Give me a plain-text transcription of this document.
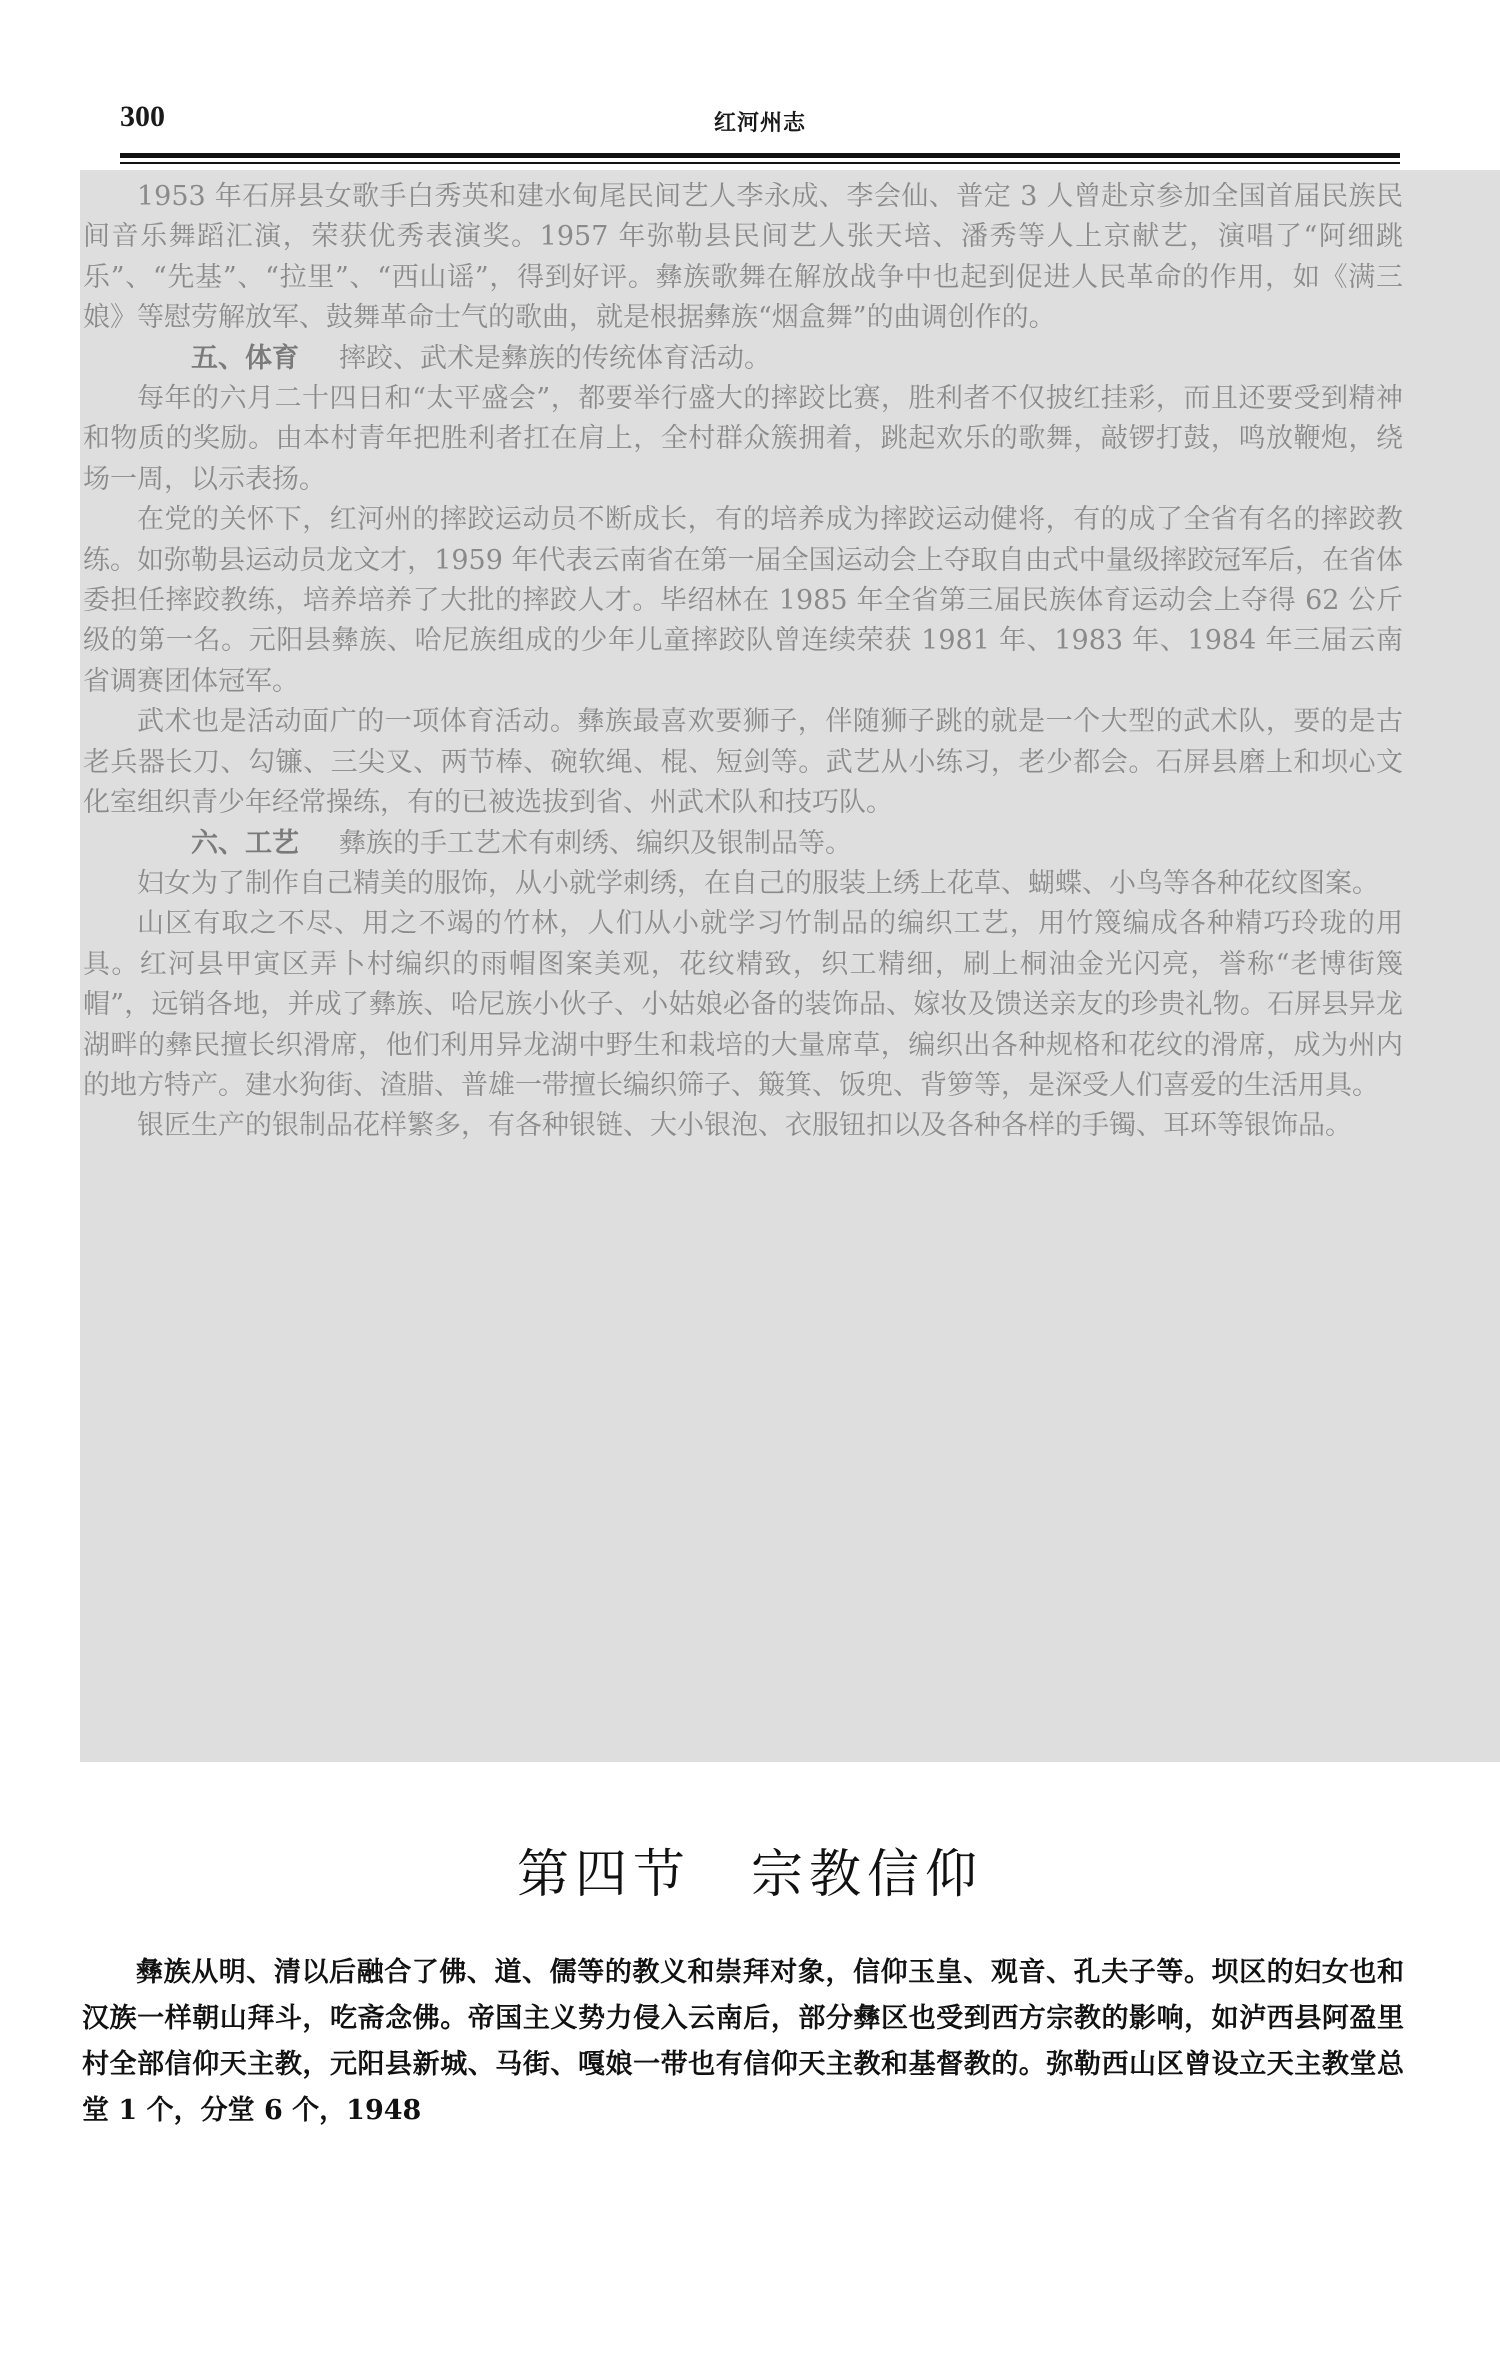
300	红河州志

1953 年石屏县女歌手白秀英和建水甸尾民间艺人李永成、李会仙、普定 3 人曾赴京参加全国首届民族民间音乐舞蹈汇演，荣获优秀表演奖。1957 年弥勒县民间艺人张天培、潘秀等人上京献艺，演唱了“阿细跳乐”、“先基”、“拉里”、“西山谣”，得到好评。彝族歌舞在解放战争中也起到促进人民革命的作用，如《满三娘》等慰劳解放军、鼓舞革命士气的歌曲，就是根据彝族“烟盒舞”的曲调创作的。

五、体育 摔跤、武术是彝族的传统体育活动。

每年的六月二十四日和“太平盛会”，都要举行盛大的摔跤比赛，胜利者不仅披红挂彩，而且还要受到精神和物质的奖励。由本村青年把胜利者扛在肩上，全村群众簇拥着，跳起欢乐的歌舞，敲锣打鼓，鸣放鞭炮，绕场一周，以示表扬。

在党的关怀下，红河州的摔跤运动员不断成长，有的培养成为摔跤运动健将，有的成了全省有名的摔跤教练。如弥勒县运动员龙文才，1959 年代表云南省在第一届全国运动会上夺取自由式中量级摔跤冠军后，在省体委担任摔跤教练，培养培养了大批的摔跤人才。毕绍林在 1985 年全省第三届民族体育运动会上夺得 62 公斤级的第一名。元阳县彝族、哈尼族组成的少年儿童摔跤队曾连续荣获 1981 年、1983 年、1984 年三届云南省调赛团体冠军。

武术也是活动面广的一项体育活动。彝族最喜欢要狮子，伴随狮子跳的就是一个大型的武术队，要的是古老兵器长刀、勾镰、三尖叉、两节棒、碗软绳、棍、短剑等。武艺从小练习，老少都会。石屏县磨上和坝心文化室组织青少年经常操练，有的已被选拔到省、州武术队和技巧队。

六、工艺 彝族的手工艺术有刺绣、编织及银制品等。

妇女为了制作自己精美的服饰，从小就学刺绣，在自己的服装上绣上花草、蝴蝶、小鸟等各种花纹图案。

山区有取之不尽、用之不竭的竹林，人们从小就学习竹制品的编织工艺，用竹篾编成各种精巧玲珑的用具。红河县甲寅区弄卜村编织的雨帽图案美观，花纹精致，织工精细，刷上桐油金光闪亮，誉称“老博街篾帽”，远销各地，并成了彝族、哈尼族小伙子、小姑娘必备的装饰品、嫁妆及馈送亲友的珍贵礼物。石屏县异龙湖畔的彝民擅长织滑席，他们利用异龙湖中野生和栽培的大量席草，编织出各种规格和花纹的滑席，成为州内的地方特产。建水狗街、渣腊、普雄一带擅长编织筛子、簸箕、饭兜、背箩等，是深受人们喜爱的生活用具。

银匠生产的银制品花样繁多，有各种银链、大小银泡、衣服钮扣以及各种各样的手镯、耳环等银饰品。

第四节 宗教信仰

彝族从明、清以后融合了佛、道、儒等的教义和崇拜对象，信仰玉皇、观音、孔夫子等。坝区的妇女也和汉族一样朝山拜斗，吃斋念佛。帝国主义势力侵入云南后，部分彝区也受到西方宗教的影响，如泸西县阿盈里村全部信仰天主教，元阳县新城、马街、嘎娘一带也有信仰天主教和基督教的。弥勒西山区曾设立天主教堂总堂 1 个，分堂 6 个，1948
